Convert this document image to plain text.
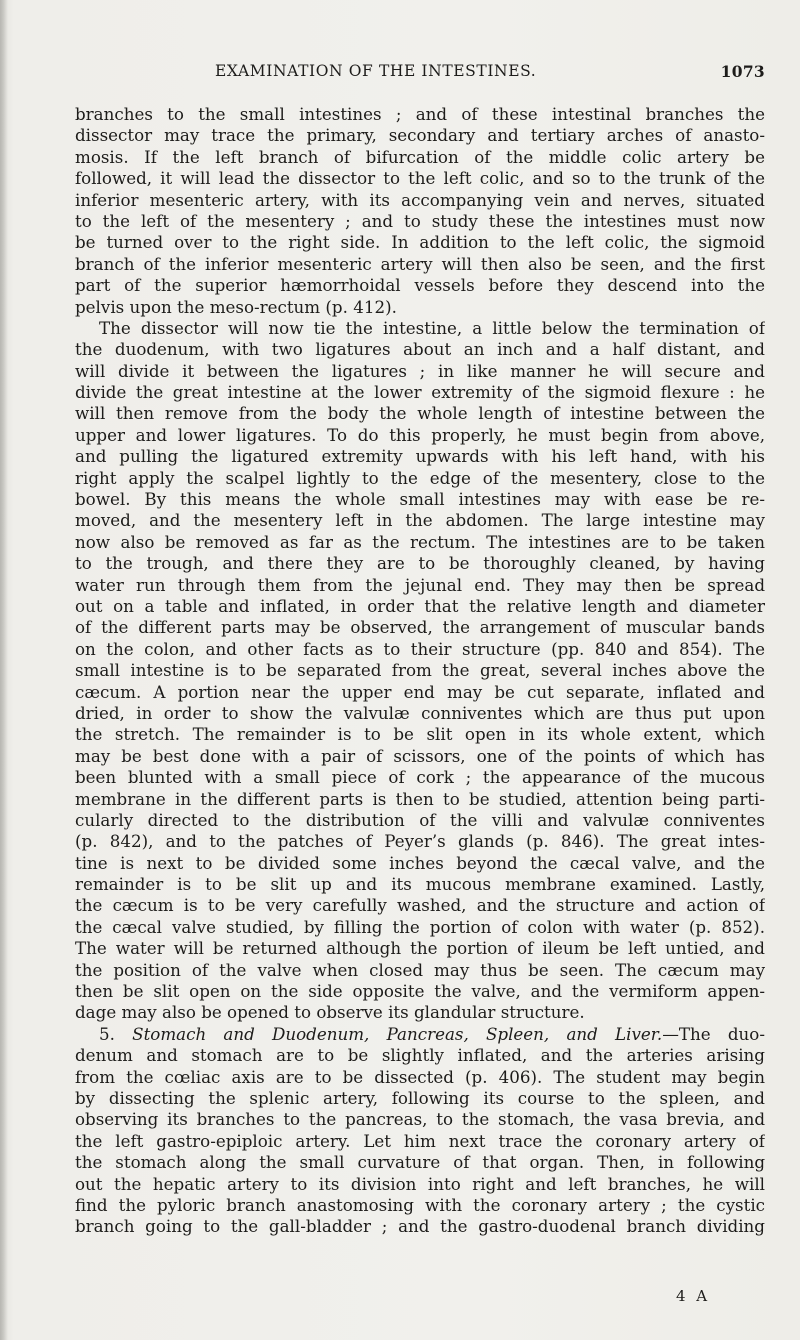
EXAMINATION OF THE INTESTINES.	1073
branches to the small intestines ; and of these intestinal branches the
dissector may trace the primary, secondary and tertiary arches of anasto-
mosis. If the left branch of bifurcation of the middle colic artery be
followed, it will lead the dissector to the left colic, and so to the trunk of the
inferior mesenteric artery, with its accompanying vein and nerves, situated
to the left of the mesentery ; and to study these the intestines must now
be turned over to the right side. In addition to the left colic, the sigmoid
branch of the inferior mesenteric artery will then also be seen, and the first
part of the superior hæmorrhoidal vessels before they descend into the
pelvis upon the meso-rectum (p. 412).
The dissector will now tie the intestine, a little below the termination of
the duodenum, with two ligatures about an inch and a half distant, and
will divide it between the ligatures ; in like manner he will secure and
divide the great intestine at the lower extremity of the sigmoid flexure : he
will then remove from the body the whole length of intestine between the
upper and lower ligatures. To do this properly, he must begin from above,
and pulling the ligatured extremity upwards with his left hand, with his
right apply the scalpel lightly to the edge of the mesentery, close to the
bowel. By this means the whole small intestines may with ease be re-
moved, and the mesentery left in the abdomen. The large intestine may
now also be removed as far as the rectum. The intestines are to be taken
to the trough, and there they are to be thoroughly cleaned, by having
water run through them from the jejunal end. They may then be spread
out on a table and inflated, in order that the relative length and diameter
of the different parts may be observed, the arrangement of muscular bands
on the colon, and other facts as to their structure (pp. 840 and 854). The
small intestine is to be separated from the great, several inches above the
cæcum. A portion near the upper end may be cut separate, inflated and
dried, in order to show the valvulæ conniventes which are thus put upon
the stretch. The remainder is to be slit open in its whole extent, which
may be best done with a pair of scissors, one of the points of which has
been blunted with a small piece of cork ; the appearance of the mucous
membrane in the different parts is then to be studied, attention being parti-
cularly directed to the distribution of the villi and valvulæ conniventes
(p. 842), and to the patches of Peyer’s glands (p. 846). The great intes-
tine is next to be divided some inches beyond the cæcal valve, and the
remainder is to be slit up and its mucous membrane examined. Lastly,
the cæcum is to be very carefully washed, and the structure and action of
the cæcal valve studied, by filling the portion of colon with water (p. 852).
The water will be returned although the portion of ileum be left untied, and
the position of the valve when closed may thus be seen. The cæcum may
then be slit open on the side opposite the valve, and the vermiform appen-
dage may also be opened to observe its glandular structure.
5. Stomach and Duodenum, Pancreas, Spleen, and Liver.—The duo-
denum and stomach are to be slightly inflated, and the arteries arising
from the cœliac axis are to be dissected (p. 406). The student may begin
by dissecting the splenic artery, following its course to the spleen, and
observing its branches to the pancreas, to the stomach, the vasa brevia, and
the left gastro-epiploic artery. Let him next trace the coronary artery of
the stomach along the small curvature of that organ. Then, in following
out the hepatic artery to its division into right and left branches, he will
find the pyloric branch anastomosing with the coronary artery ; the cystic
branch going to the gall-bladder ; and the gastro-duodenal branch dividing
4 A
